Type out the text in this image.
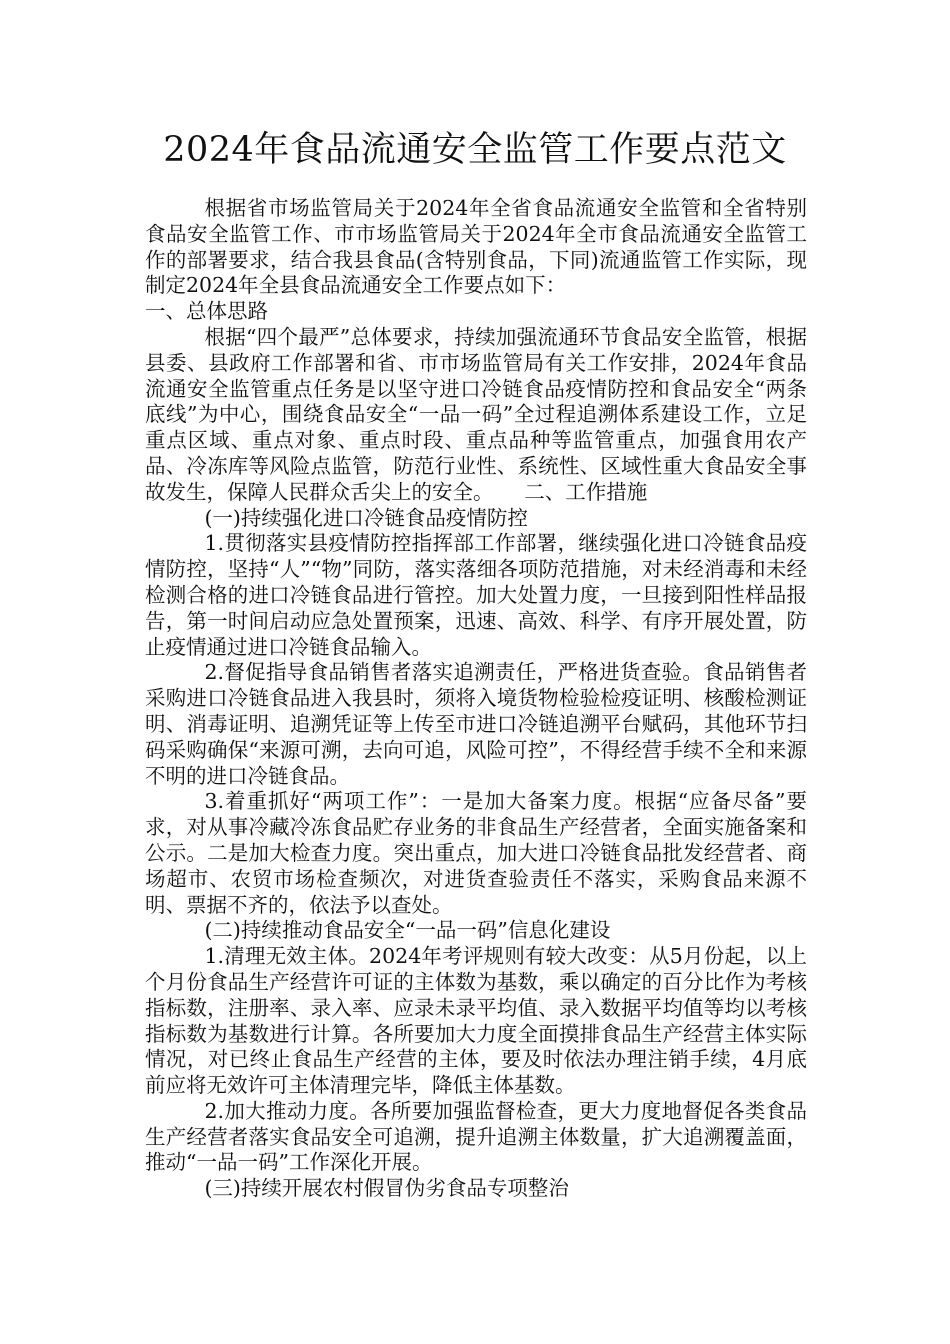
2024年食品流通安全监管工作要点范文

根据省市场监管局关于2024年全省食品流通安全监管和全省特别食品安全监管工作、市市场监管局关于2024年全市食品流通安全监管工作的部署要求，结合我县食品(含特别食品，下同)流通监管工作实际，现制定2024年全县食品流通安全工作要点如下：

一、总体思路

根据“四个最严”总体要求，持续加强流通环节食品安全监管，根据县委、县政府工作部署和省、市市场监管局有关工作安排，2024年食品流通安全监管重点任务是以坚守进口冷链食品疫情防控和食品安全“两条底线”为中心，围绕食品安全“一品一码”全过程追溯体系建设工作，立足重点区域、重点对象、重点时段、重点品种等监管重点，加强食用农产品、冷冻库等风险点监管，防范行业性、系统性、区域性重大食品安全事故发生，保障人民群众舌尖上的安全。　　二、工作措施

(一)持续强化进口冷链食品疫情防控

1.贯彻落实县疫情防控指挥部工作部署，继续强化进口冷链食品疫情防控，坚持“人”“物”同防，落实落细各项防范措施，对未经消毒和未经检测合格的进口冷链食品进行管控。加大处置力度，一旦接到阳性样品报告，第一时间启动应急处置预案，迅速、高效、科学、有序开展处置，防止疫情通过进口冷链食品输入。

2.督促指导食品销售者落实追溯责任，严格进货查验。食品销售者采购进口冷链食品进入我县时，须将入境货物检验检疫证明、核酸检测证明、消毒证明、追溯凭证等上传至市进口冷链追溯平台赋码，其他环节扫码采购确保“来源可溯，去向可追，风险可控”，不得经营手续不全和来源不明的进口冷链食品。

3.着重抓好“两项工作”：一是加大备案力度。根据“应备尽备”要求，对从事冷藏冷冻食品贮存业务的非食品生产经营者，全面实施备案和公示。二是加大检查力度。突出重点，加大进口冷链食品批发经营者、商场超市、农贸市场检查频次，对进货查验责任不落实，采购食品来源不明、票据不齐的，依法予以查处。

(二)持续推动食品安全“一品一码”信息化建设

1.清理无效主体。2024年考评规则有较大改变：从5月份起，以上个月份食品生产经营许可证的主体数为基数，乘以确定的百分比作为考核指标数，注册率、录入率、应录未录平均值、录入数据平均值等均以考核指标数为基数进行计算。各所要加大力度全面摸排食品生产经营主体实际情况，对已终止食品生产经营的主体，要及时依法办理注销手续，4月底前应将无效许可主体清理完毕，降低主体基数。

2.加大推动力度。各所要加强监督检查，更大力度地督促各类食品生产经营者落实食品安全可追溯，提升追溯主体数量，扩大追溯覆盖面，推动“一品一码”工作深化开展。

(三)持续开展农村假冒伪劣食品专项整治
